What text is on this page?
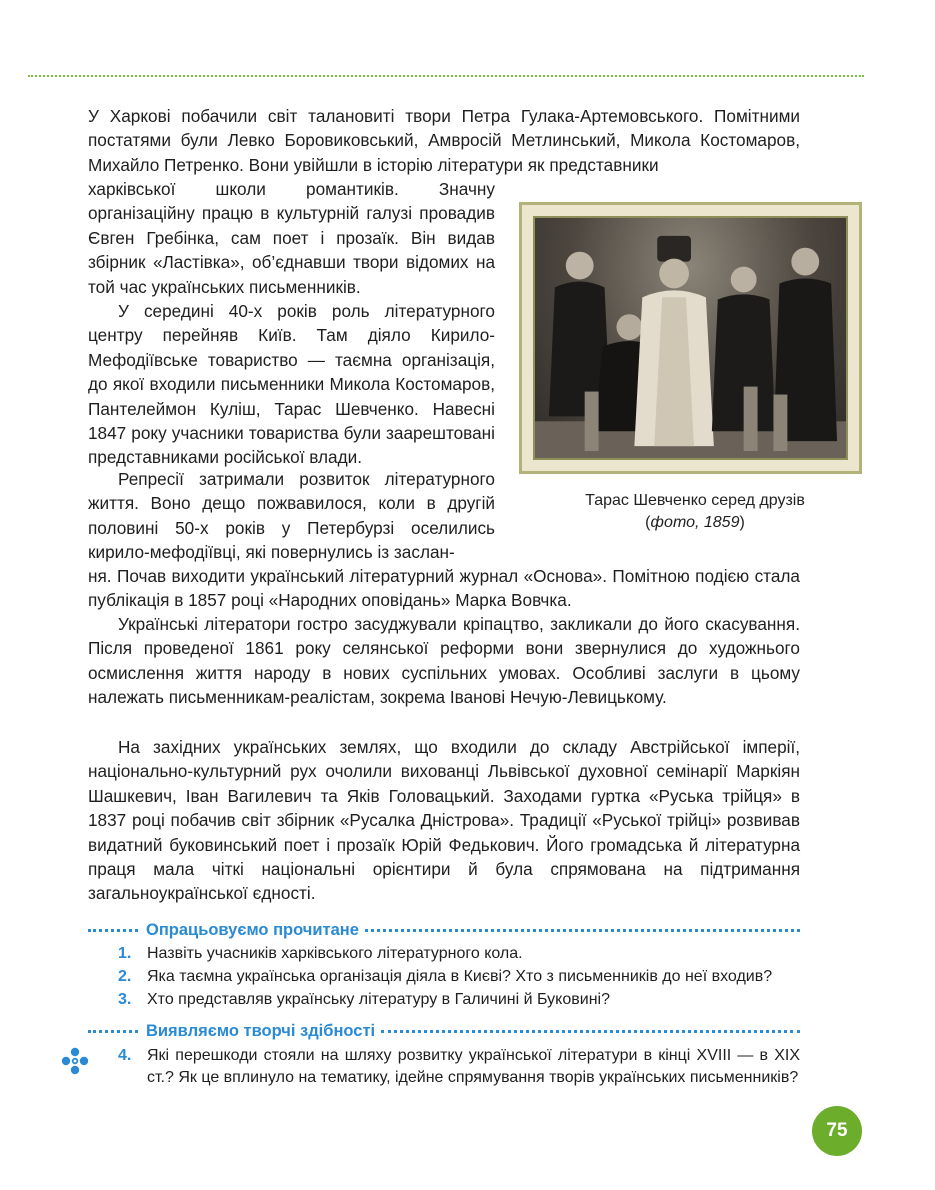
У Харкові побачили світ талановиті твори Петра Гулака-Артемовського. Помітними постатями були Левко Боровиковський, Амвросій Метлинський, Микола Костомаров, Михайло Петренко. Вони увійшли в історію літератури як представники

харківської школи романтиків. Значну організаційну працю в культурній галузі провадив Євген Гребінка, сам поет і прозаїк. Він видав збірник «Ластівка», об’єднавши твори відомих на той час українських письменників.

У середині 40-х років роль літературного центру перейняв Київ. Там діяло Кирило-Мефодіївське товариство — таємна організація, до якої входили письменники Микола Костомаров, Пантелеймон Куліш, Тарас Шевченко. Навесні 1847 року учасники товариства були заарештовані представниками російської влади.

Репресії затримали розвиток літературного життя. Воно дещо пожвавилося, коли в другій половині 50-х років у Петербурзі оселились кирило-мефодіївці, які повернулись із заслан-

ня. Почав виходити український літературний журнал «Основа». Помітною подією стала публікація в 1857 році «Народних оповідань» Марка Вовчка.

Українські літератори гостро засуджували кріпацтво, закликали до його скасування. Після проведеної 1861 року селянської реформи вони звернулися до художнього осмислення життя народу в нових суспільних умовах. Особливі заслуги в цьому належать письменникам-реалістам, зокрема Іванові Нечую-Левицькому.

На західних українських землях, що входили до складу Австрійської імперії, національно-культурний рух очолили вихованці Львівської духовної семінарії Маркіян Шашкевич, Іван Вагилевич та Яків Головацький. Заходами гуртка «Руська трійця» в 1837 році побачив світ збірник «Русалка Дністрова». Традиції «Руської трійці» розвивав видатний буковинський поет і прозаїк Юрій Федькович. Його громадська й літературна праця мала чіткі національні орієнтири й була спрямована на підтримання загальноукраїнської єдності.

Тарас Шевченко серед друзів
(фото, 1859)
Опрацьовуємо прочитане
1. Назвіть учасників харківського літературного кола.
2. Яка таємна українська організація діяла в Києві? Хто з письменників до неї входив?
3. Хто представляв українську літературу в Галичині й Буковині?
Виявляємо творчі здібності
4. Які перешкоди стояли на шляху розвитку української літератури в кінці XVIII — в XIX ст.? Як це вплинуло на тематику, ідейне спрямування творів українських письменників?
75
